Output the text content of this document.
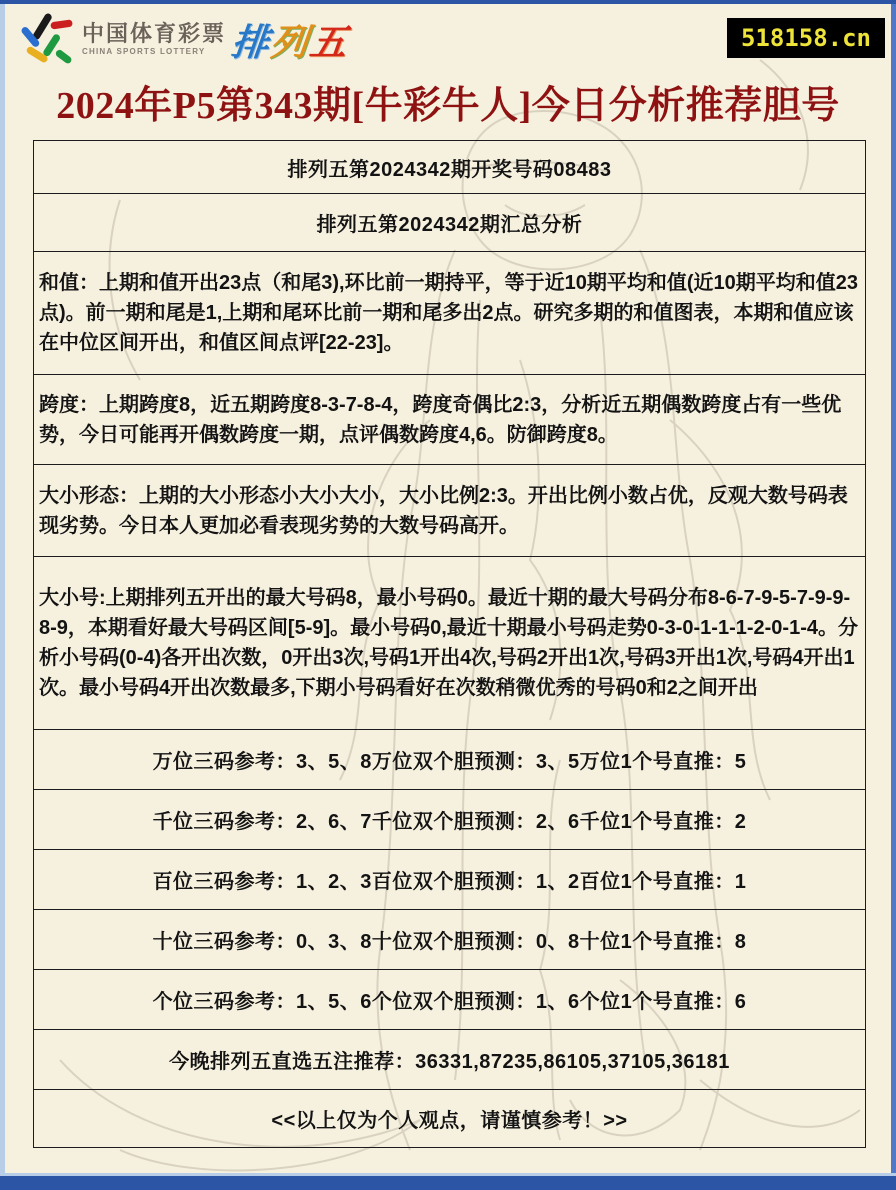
中国体育彩票
CHINA SPORTS LOTTERY 排
列
五	518158.cn
2024年P5第343期[牛彩牛人]今日分析推荐胆号
排列五第2024342期开奖号码08483
排列五第2024342期汇总分析
和值：上期和值开出23点（和尾3),环比前一期持平，等于近10期平均和值(近10期平均和值23点)。前一期和尾是1,上期和尾环比前一期和尾多出2点。研究多期的和值图表，本期和值应该在中位区间开出，和值区间点评[22-23]。
跨度：上期跨度8，近五期跨度8-3-7-8-4，跨度奇偶比2:3，分析近五期偶数跨度占有一些优势，今日可能再开偶数跨度一期，点评偶数跨度4,6。防御跨度8。
大小形态：上期的大小形态小大小大小，大小比例2:3。开出比例小数占优，反观大数号码表现劣势。今日本人更加必看表现劣势的大数号码高开。
大小号:上期排列五开出的最大号码8，最小号码0。最近十期的最大号码分布8-6-7-9-5-7-9-9-8-9，本期看好最大号码区间[5-9]。最小号码0,最近十期最小号码走势0-3-0-1-1-1-2-0-1-4。分析小号码(0-4)各开出次数，0开出3次,号码1开出4次,号码2开出1次,号码3开出1次,号码4开出1次。最小号码4开出次数最多,下期小号码看好在次数稍微优秀的号码0和2之间开出
万位三码参考：3、5、8万位双个胆预测：3、5万位1个号直推：5
千位三码参考：2、6、7千位双个胆预测：2、6千位1个号直推：2
百位三码参考：1、2、3百位双个胆预测：1、2百位1个号直推：1
十位三码参考：0、3、8十位双个胆预测：0、8十位1个号直推：8
个位三码参考：1、5、6个位双个胆预测：1、6个位1个号直推：6
今晚排列五直选五注推荐：36331,87235,86105,37105,36181
<<以上仅为个人观点，请谨慎参考！>>
